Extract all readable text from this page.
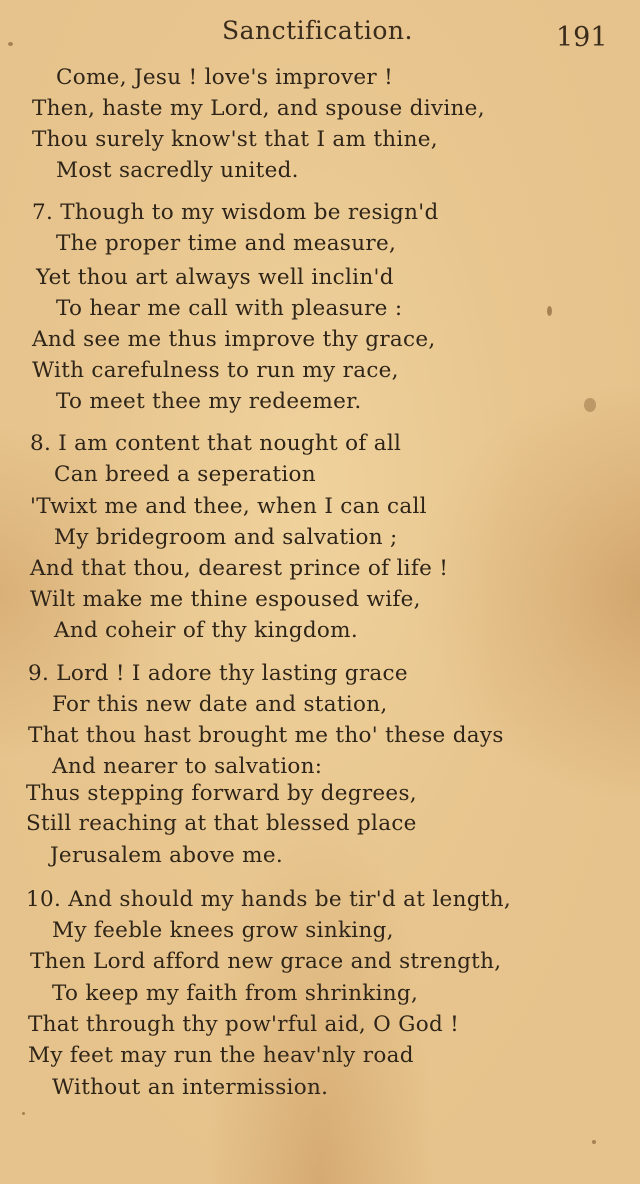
Sanctification.	191
Come, Jesu ! love's improver !
Then, haste my Lord, and spouse divine,
Thou surely know'st that I am thine,
Most sacredly united.
7. Though to my wisdom be resign'd
The proper time and measure,
Yet thou art always well inclin'd
To hear me call with pleasure :
And see me thus improve thy grace,
With carefulness to run my race,
To meet thee my redeemer.
8. I am content that nought of all
Can breed a seperation
'Twixt me and thee, when I can call
My bridegroom and salvation ;
And that thou, dearest prince of life !
Wilt make me thine espoused wife,
And coheir of thy kingdom.
9. Lord ! I adore thy lasting grace
For this new date and station,
That thou hast brought me tho' these days
And nearer to salvation:
Thus stepping forward by degrees,
Still reaching at that blessed place
Jerusalem above me.
10. And should my hands be tir'd at length,
My feeble knees grow sinking,
Then Lord afford new grace and strength,
To keep my faith from shrinking,
That through thy pow'rful aid, O God !
My feet may run the heav'nly road
Without an intermission.
